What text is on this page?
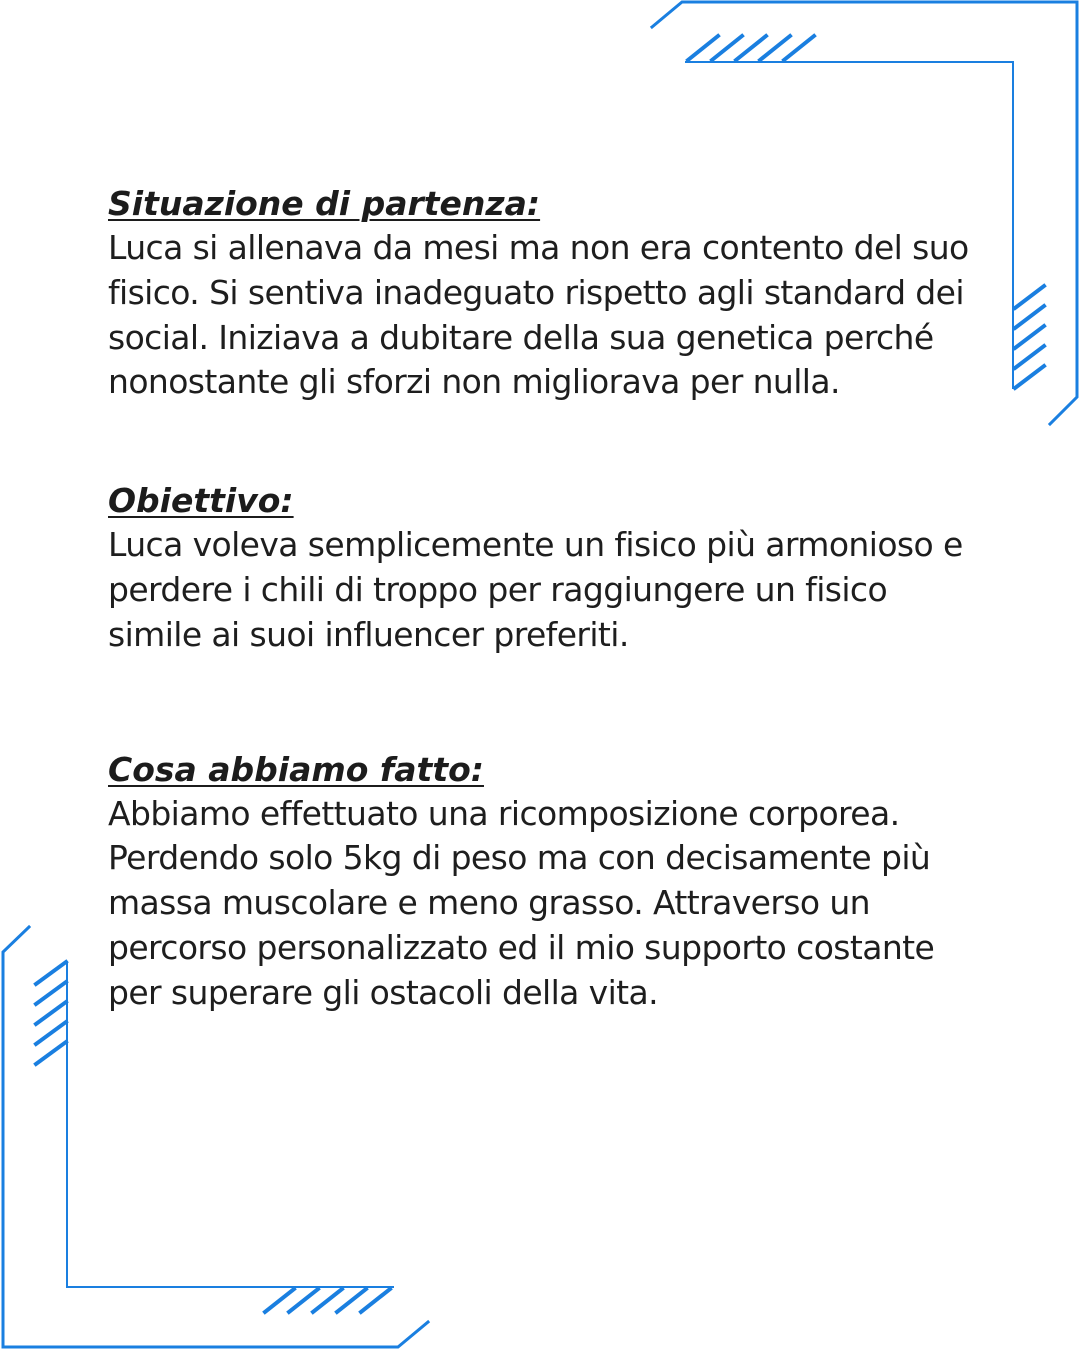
Situazione di partenza:

Luca si allenava da mesi ma non era contento del suo fisico. Si sentiva inadeguato rispetto agli standard dei social. Iniziava a dubitare della sua genetica perché nonostante gli sforzi non migliorava per nulla.

Obiettivo:

Luca voleva semplicemente un fisico più armonioso e perdere i chili di troppo per raggiungere un fisico simile ai suoi influencer preferiti.

Cosa abbiamo fatto:

Abbiamo effettuato una ricomposizione corporea. Perdendo solo 5kg di peso ma con decisamente più massa muscolare e meno grasso. Attraverso un percorso personalizzato ed il mio supporto costante per superare gli ostacoli della vita.
